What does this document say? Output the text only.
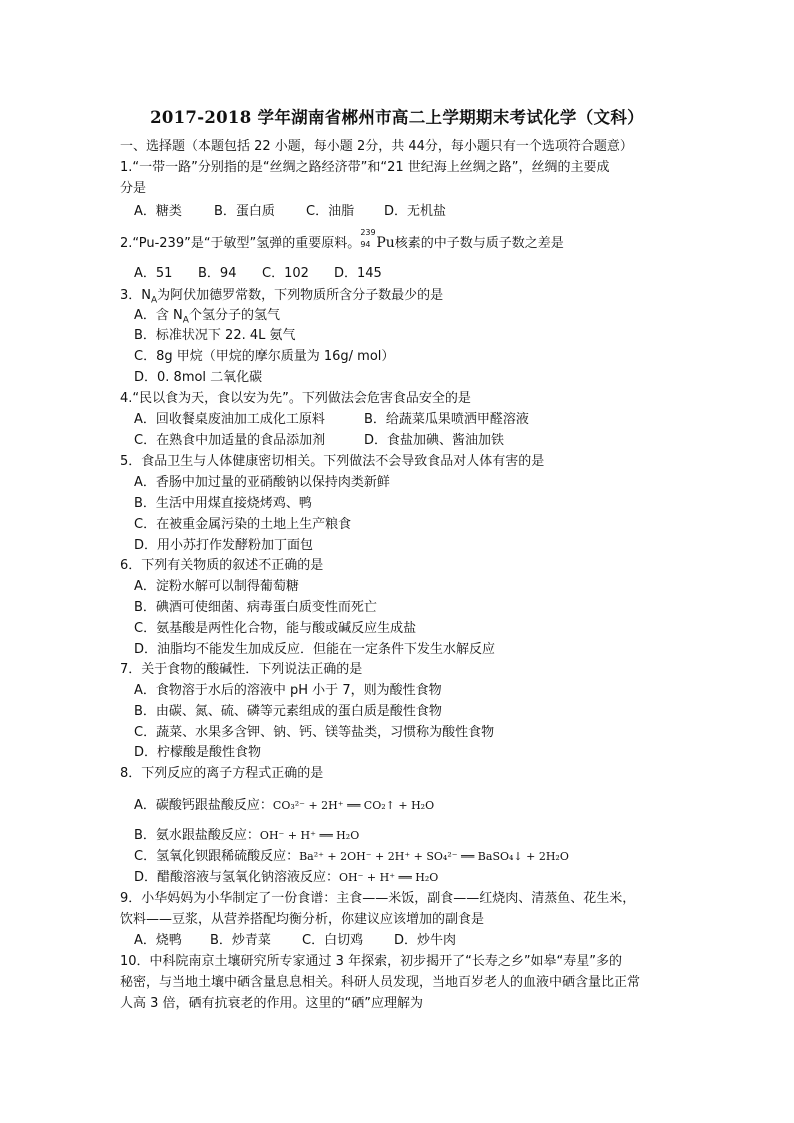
2017-2018 学年湖南省郴州市高二上学期期末考试化学（文科）
一、选择题（本题包括 22 小题，每小题 2分，共 44分，每小题只有一个选项符合题意）
1.“一带一路”分别指的是“丝绸之路经济带”和“21 世纪海上丝绸之路”，丝绸的主要成
分是
A．糖类 B．蛋白质 C．油脂 D．无机盐
2.“Pu-239”是“于敏型”氢弹的重要原料。
239
94 Pu核素的中子数与质子数之差是
A．51 B．94 C．102 D．145
3．$N_A$为阿伏加德罗常数，下列物质所含分子数最少的是
A．含 $N_A$个氢分子的氢气
B．标准状况下 22. 4L 氨气
C．8g 甲烷（甲烷的摩尔质量为 16g/ mol）
D．0. 8mol 二氧化碳
4.“民以食为天，食以安为先”。下列做法会危害食品安全的是
A．回收餐桌废油加工成化工原料	B．给蔬菜瓜果喷洒甲醛溶液
C．在熟食中加适量的食品添加剂	D．食盐加碘、酱油加铁
5．食品卫生与人体健康密切相关。下列做法不会导致食品对人体有害的是
A．香肠中加过量的亚硝酸钠以保持肉类新鲜
B．生活中用煤直接烧烤鸡、鸭
C．在被重金属污染的土地上生产粮食
D．用小苏打作发酵粉加丁面包
6．下列有关物质的叙述不正确的是
A．淀粉水解可以制得葡萄糖
B．碘酒可使细菌、病毒蛋白质变性而死亡
C．氨基酸是两性化合物，能与酸或碱反应生成盐
D．油脂均不能发生加成反应．但能在一定条件下发生水解反应
7．关于食物的酸碱性．下列说法正确的是
A．食物溶于水后的溶液中 pH 小于 7，则为酸性食物
B．由碳、氮、硫、磷等元素组成的蛋白质是酸性食物
C．蔬菜、水果多含钾、钠、钙、镁等盐类，习惯称为酸性食物
D．柠檬酸是酸性食物
8．下列反应的离子方程式正确的是
A．碳酸钙跟盐酸反应：CO₃²⁻ + 2H⁺ ══ CO₂↑ + H₂O
B．氨水跟盐酸反应：OH⁻ + H⁺ ══ H₂O
C．氢氧化钡跟稀硫酸反应：Ba²⁺ + 2OH⁻ + 2H⁺ + SO₄²⁻ ══ BaSO₄↓ + 2H₂O
D．醋酸溶液与氢氧化钠溶液反应：OH⁻ + H⁺ ══ H₂O
9．小华妈妈为小华制定了一份食谱：主食——米饭，副食——红烧肉、清蒸鱼、花生米，
饮料——豆浆，从营养搭配均衡分析，你建议应该增加的副食是
A．烧鸭 B．炒青菜 C．白切鸡 D．炒牛肉
10．中科院南京土壤研究所专家通过 3 年探索，初步揭开了“长寿之乡”如皋“寿星”多的
秘密，与当地土壤中硒含量息息相关。科研人员发现，当地百岁老人的血液中硒含量比正常
人高 3 倍，硒有抗衰老的作用。这里的“硒”应理解为
